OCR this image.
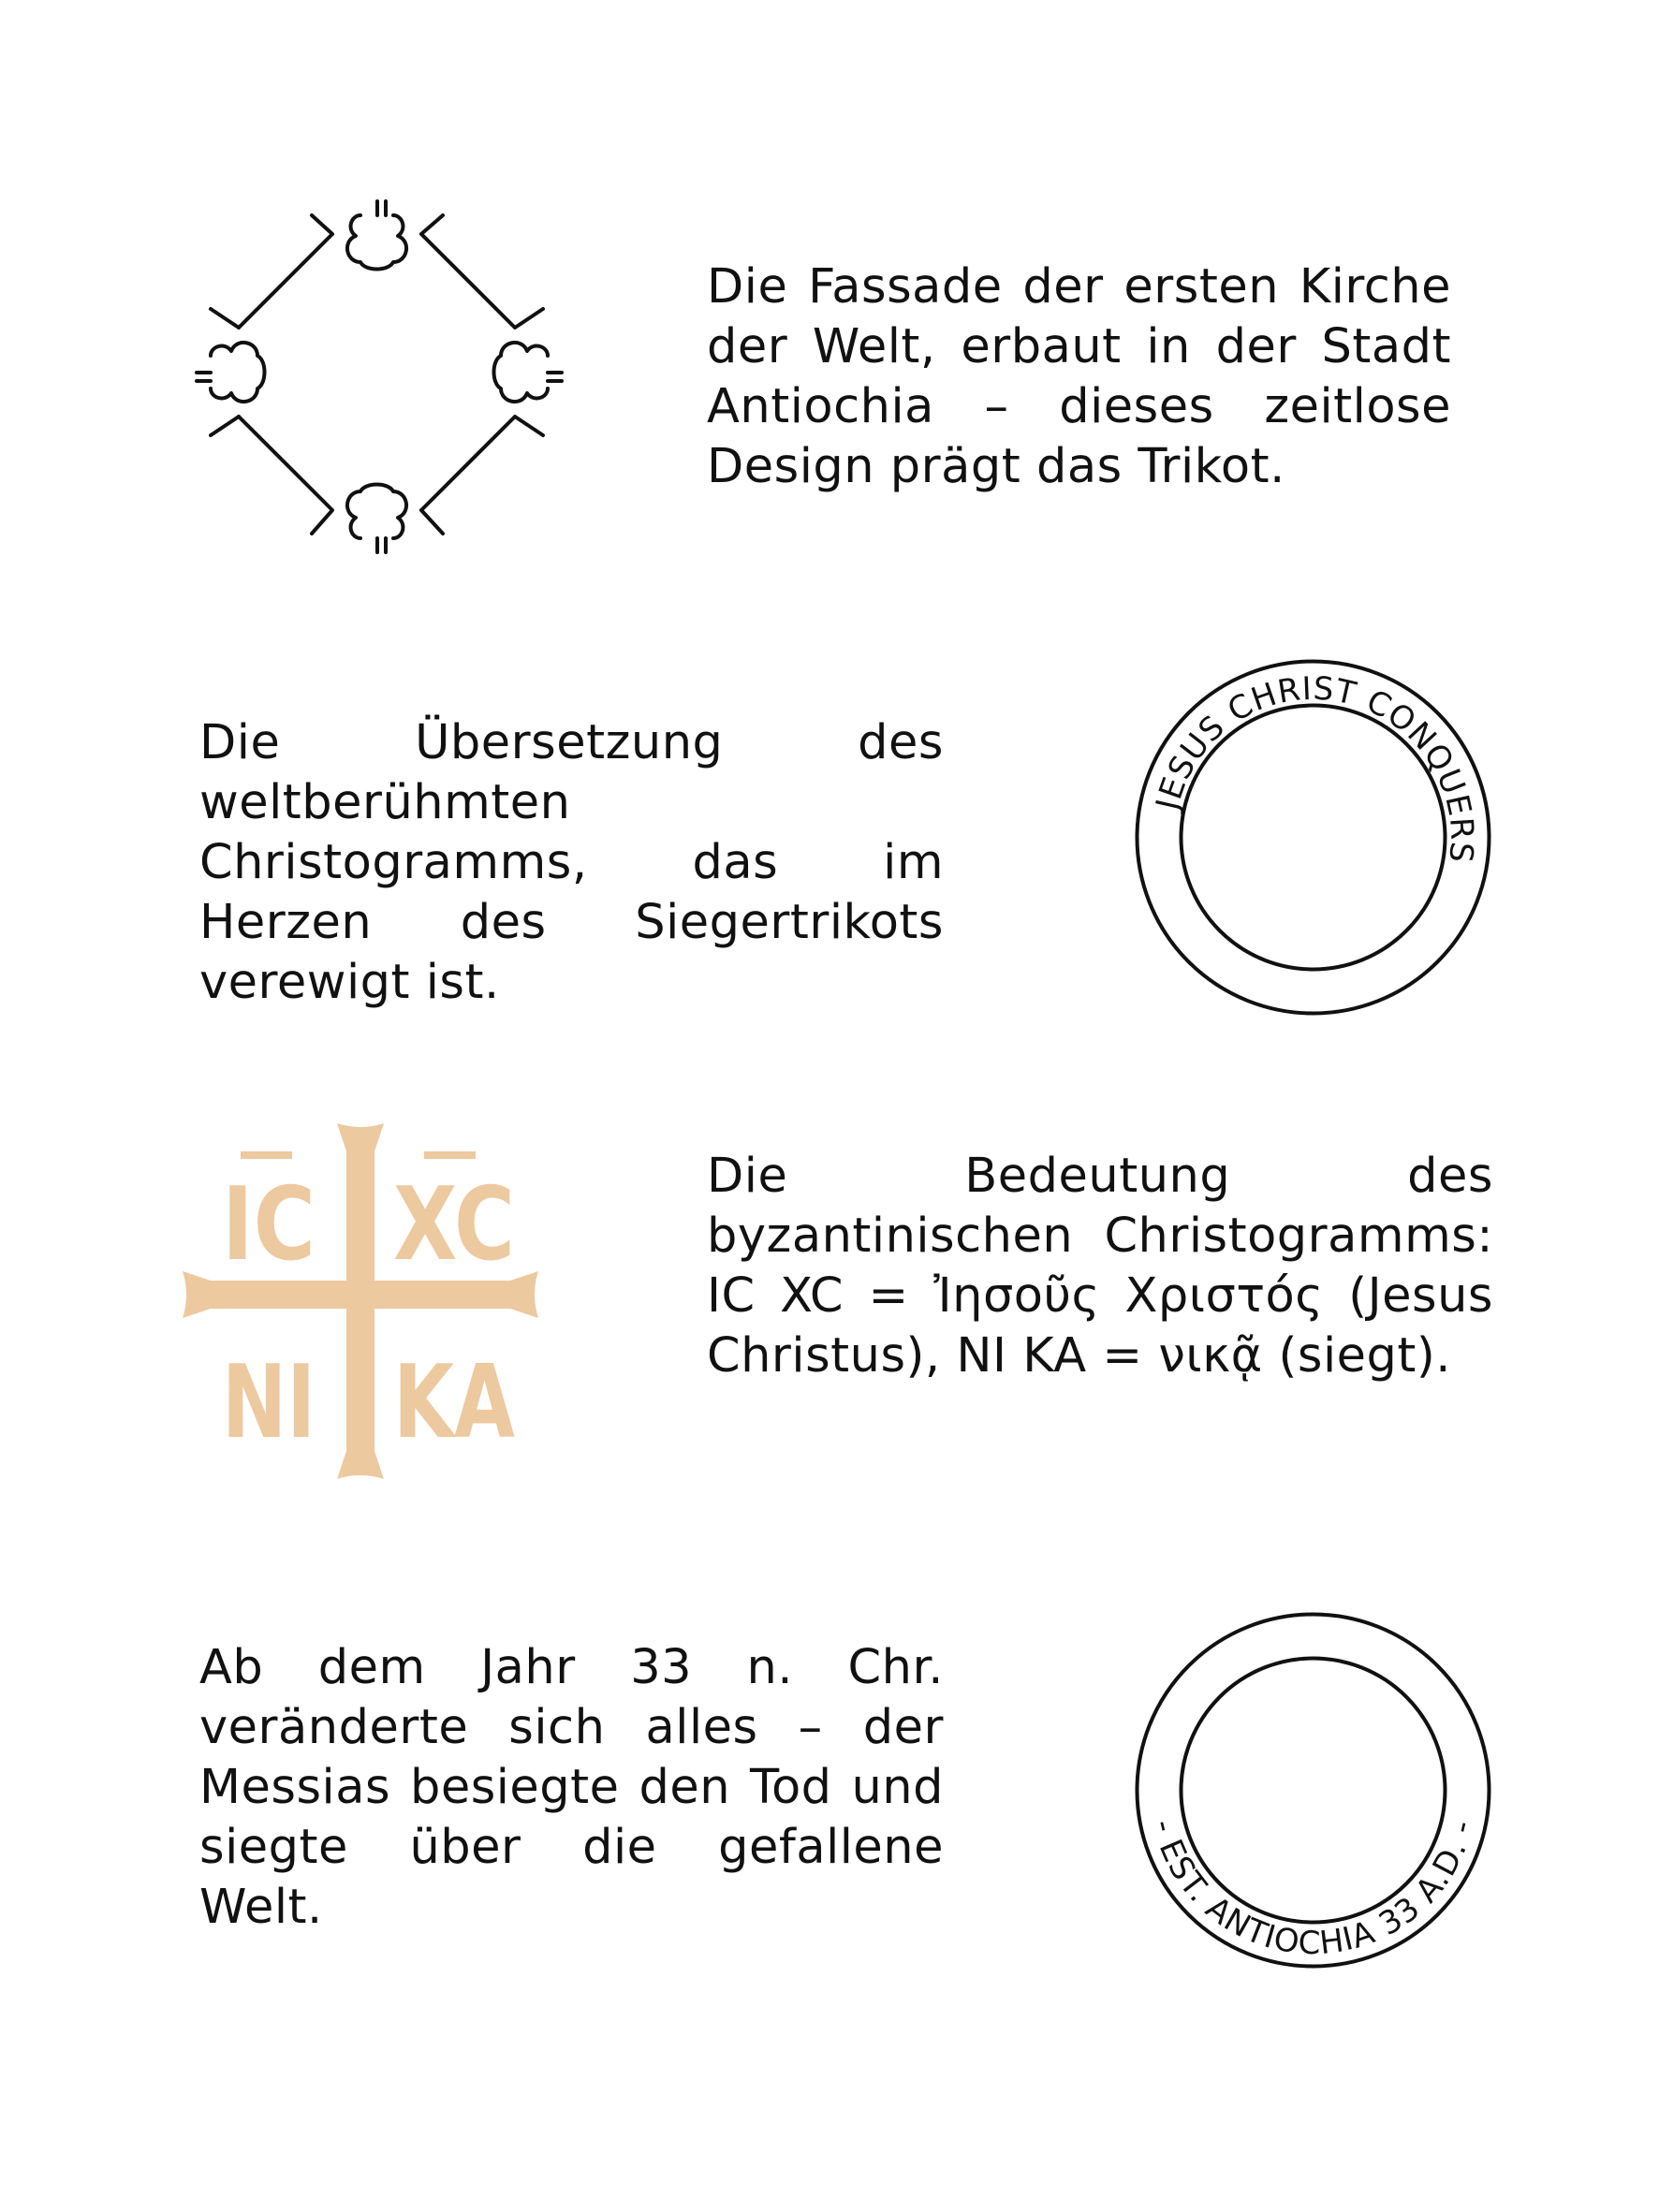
Die Fassade der ersten Kirche der Welt, erbaut in der Stadt Antiochia – dieses zeitlose Design prägt das Trikot.
Die Übersetzung des weltberühmten Christogramms, das im Herzen des Siegertrikots verewigt ist.
JESUS CHRIST CONQUERS
IC XC
NI KA
Die Bedeutung des byzantinischen Christogramms: IC XC = Ἰησοῦς Χριστός (Jesus Christus), NI KA = νικᾷ (siegt).
Ab dem Jahr 33 n. Chr. veränderte sich alles – der Messias besiegte den Tod und siegte über die gefallene Welt.
- EST. ANTIOCHIA 33 A.D. -
